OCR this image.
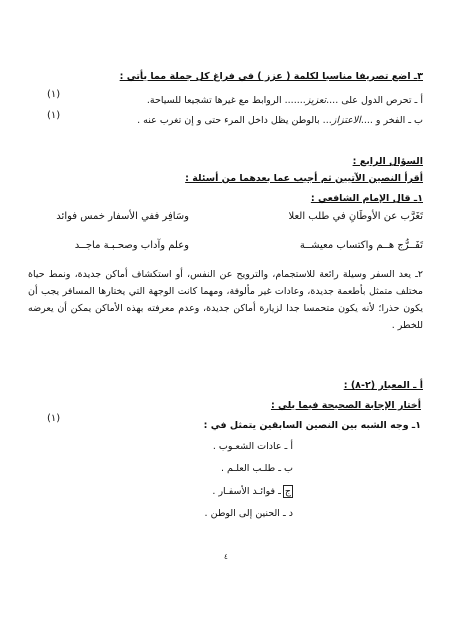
٣ـ اضع تصريفا مناسبا لكلمة ( عزز ) في فراغ كل جملة مما يأتي :
أ ـ تحرص الدول على ....تعزيز....... الروابط مع غيرها تشجيعا للسياحة.
(١)
ب ـ الفخر و ....الاعتزاز... بالوطن يظل داخل المرء حتى و إن تغرب عنه .
(١)
السؤال الرابع :
أقرأ النصين الآتيين ثم أجيب عما بعدهما من أسئلة :
١ـ قال الإمام الشافعي :
تَغَرَّب عن الأوطَانِ في طلب العلا
وسَافِر ففي الأسفار خمس فوائد
تَفَــرُّج هــم واكتساب معيشــة
وعلم وآداب وصحـبـة ماجــد
٢ـ يعد السفر وسيلة رائعة للاستجمام، والترويح عن النفس، أو استكشاف أماكن جديدة، ونمط حياة مختلف متمثل بأطعمة جديدة، وعادات غير مألوفة، ومهما كانت الوجهة التي يختارها المسافر يجب أن يكون حذرا؛ لأنه يكون متحمسا جدا لزيارة أماكن جديدة، وعدم معرفته بهذه الأماكن يمكن أن يعرضه للخطر .
أ ـ المعيار (٢-٨) :
أختار الإجابة الصحيحة فيما يلي :
١ـ وجه الشبه بين النصين السابقين يتمثل في :
(١)
أ ـ عادات الشعـوب .
ب ـ طلـب العلـم .
جـ فوائـد الأسفـار .
د ـ الحنين إلى الوطن .
٤
